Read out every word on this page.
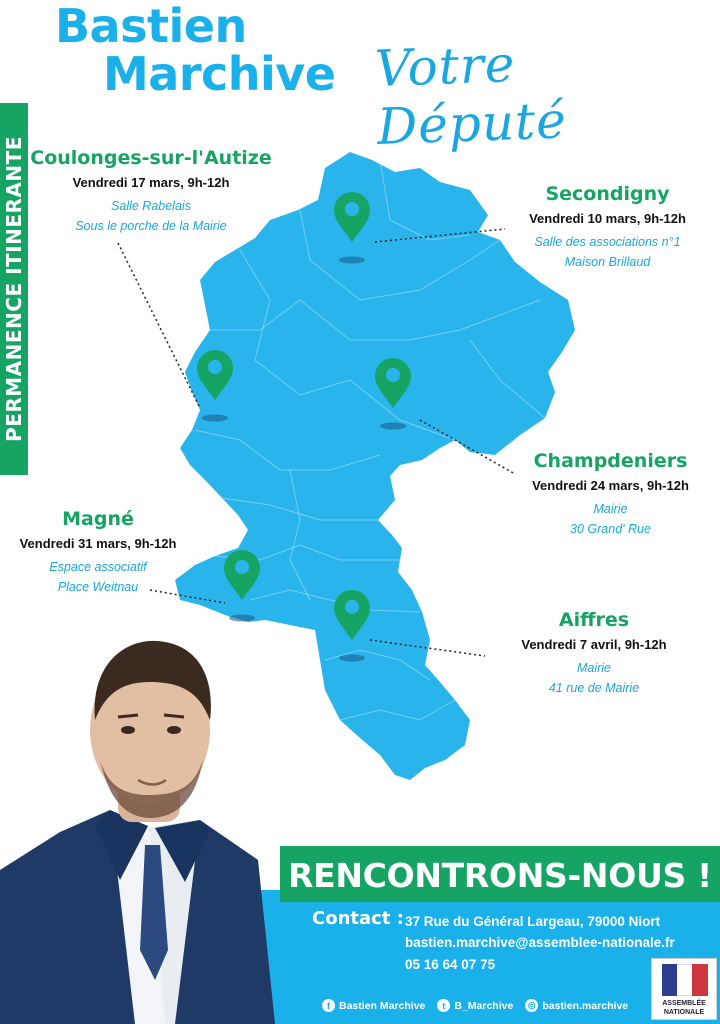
Bastien
Marchive Votre Député
PERMANENCE ITINERANTE Coulonges-sur-l'Autize
Vendredi 17 mars, 9h-12h
Salle Rabelais
Sous le porche de la Mairie
Secondigny
Vendredi 10 mars, 9h-12h
Salle des associations n°1
Maison Brillaud
Champdeniers
Vendredi 24 mars, 9h-12h
Mairie
30 Grand' Rue
Magné
Vendredi 31 mars, 9h-12h
Espace associatif
Place Weitnau
Aiffres
Vendredi 7 avril, 9h-12h
Mairie
41 rue de Mairie
RENCONTRONS-NOUS !
Contact : 37 Rue du Général Largeau, 79000 Niort
bastien.marchive@assemblee-nationale.fr
05 16 64 07 75
f Bastien Marchive	t B_Marchive ◎ bastien.marchive	ASSEMBLÉE
NATIONALE
